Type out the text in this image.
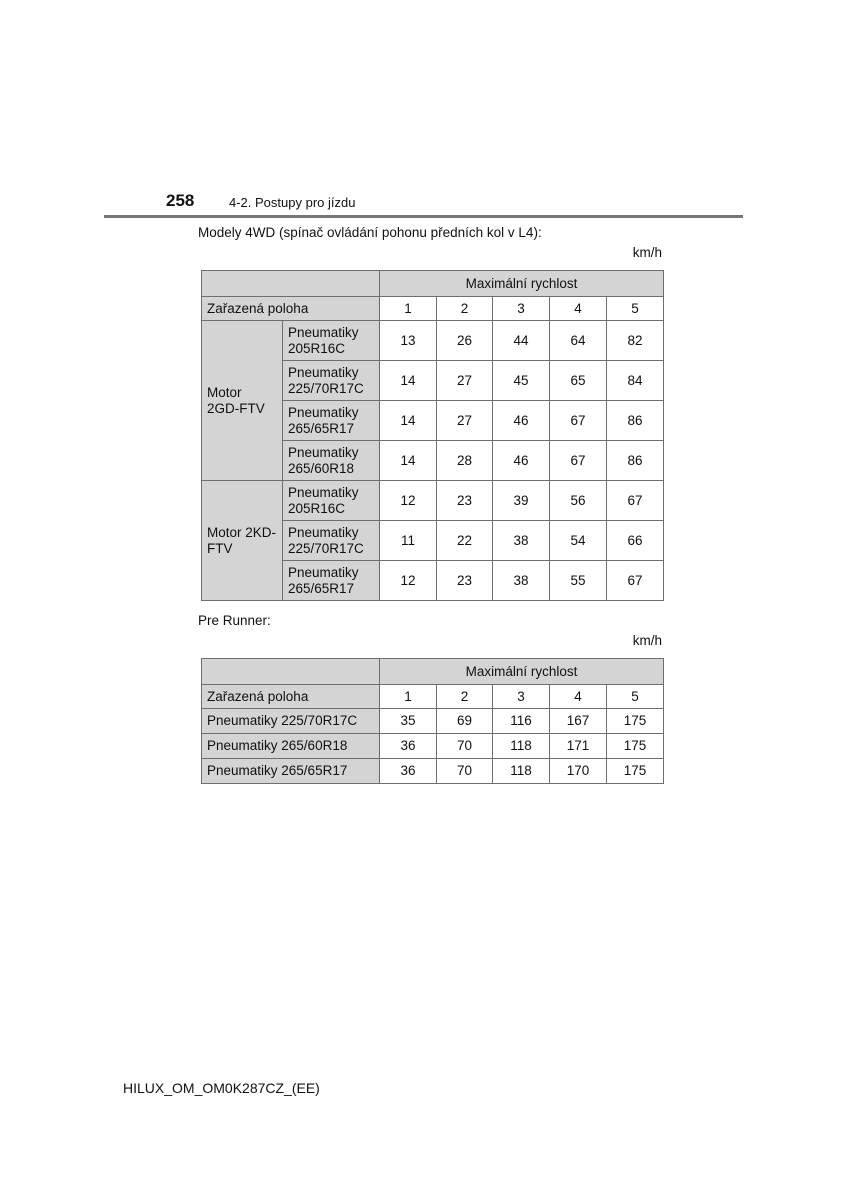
258	4-2. Postupy pro jízdu
Modely 4WD (spínač ovládání pohonu předních kol v L4):
km/h
		Maximální rychlost				
Zařazená poloha		1	2	3	4	5
Motor 2GD-FTV	Pneumatiky 205R16C	13	26	44	64	82
	Pneumatiky 225/70R17C	14	27	45	65	84
	Pneumatiky 265/65R17	14	27	46	67	86
	Pneumatiky 265/60R18	14	28	46	67	86
Motor 2KD-FTV	Pneumatiky 205R16C	12	23	39	56	67
	Pneumatiky 225/70R17C	11	22	38	54	66
	Pneumatiky 265/65R17	12	23	38	55	67
Pre Runner:
km/h
	Maximální rychlost				
Zařazená poloha	1	2	3	4	5
Pneumatiky 225/70R17C	35	69	116	167	175
Pneumatiky 265/60R18	36	70	118	171	175
Pneumatiky 265/65R17	36	70	118	170	175
HILUX_OM_OM0K287CZ_(EE)
